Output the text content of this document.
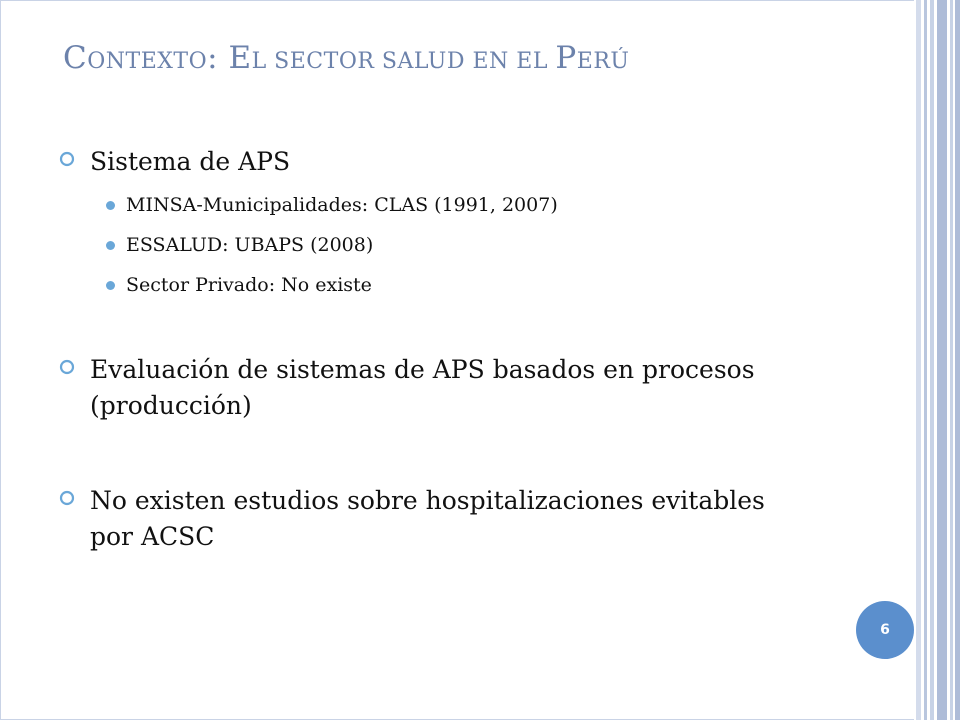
CONTEXTO: EL SECTOR SALUD EN EL PERÚ
Sistema de APS
MINSA-Municipalidades: CLAS (1991, 2007)
ESSALUD: UBAPS (2008)
Sector Privado: No existe
Evaluación de sistemas de APS basados en procesos (producción)
No existen estudios sobre hospitalizaciones evitables por ACSC
6
